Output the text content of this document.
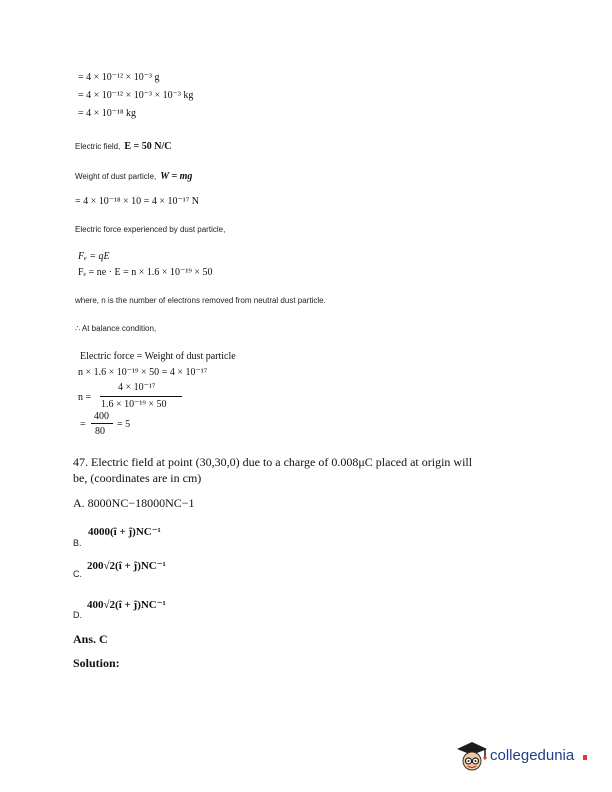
= 4 × 10⁻¹² × 10⁻³ g
= 4 × 10⁻¹² × 10⁻³ × 10⁻³ kg
= 4 × 10⁻¹⁸ kg
Electric field, E = 50 N/C
Weight of dust particle, W = mg
= 4 × 10⁻¹⁸ × 10 = 4 × 10⁻¹⁷ N
Electric force experienced by dust particle,
Fₑ = qE
Fₑ = ne · E = n × 1.6 × 10⁻¹⁹ × 50
where, n is the number of electrons removed from neutral dust particle.
∴ At balance condition,
Electric force = Weight of dust particle
n × 1.6 × 10⁻¹⁹ × 50 = 4 × 10⁻¹⁷
n =
4 × 10⁻¹⁷
1.6 × 10⁻¹⁹ × 50
=
400
80
= 5
47. Electric field at point (30,30,0) due to a charge of 0.008μC placed at origin will
be, (coordinates are in cm)
A. 8000NC−18000NC−1
B.
4000(î + ĵ)NC⁻¹
C.
200√2(î + ĵ)NC⁻¹
D.
400√2(î + ĵ)NC⁻¹
Ans. C
Solution:
collegedunia
